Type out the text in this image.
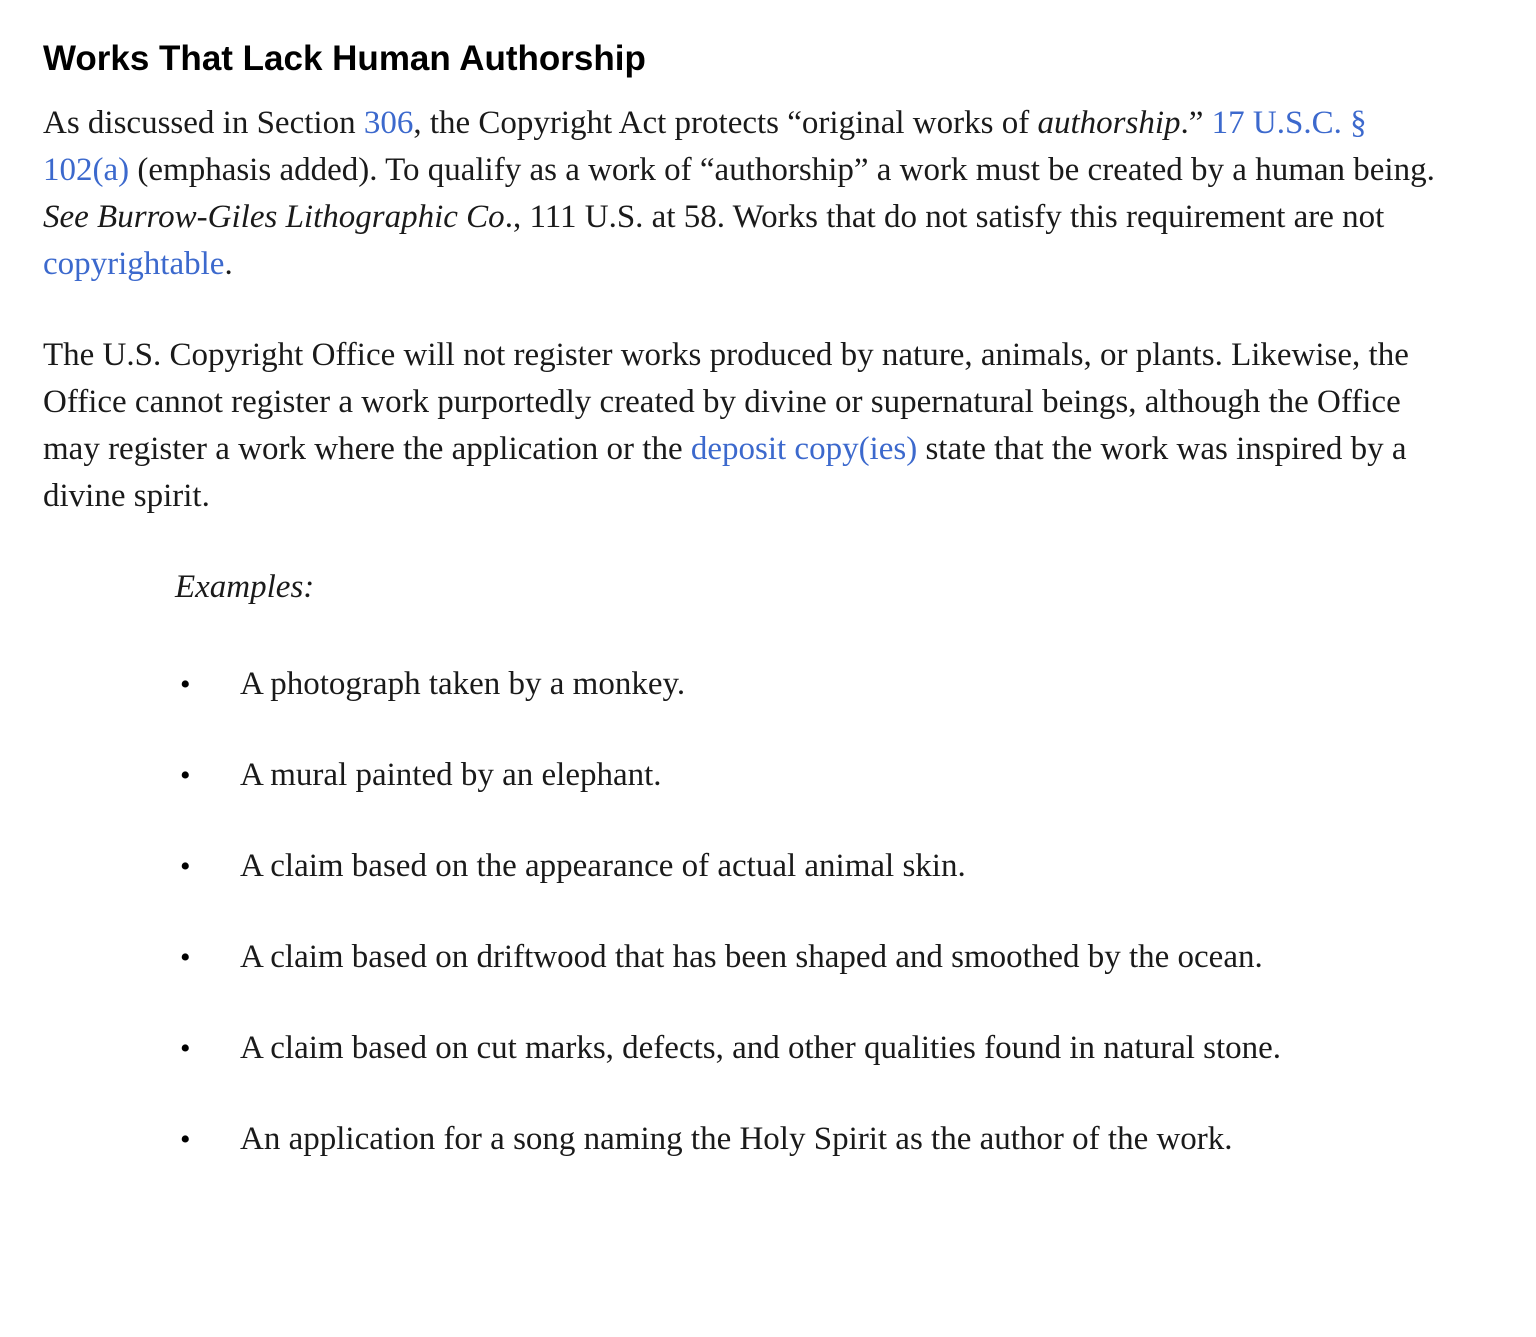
Works That Lack Human Authorship

As discussed in Section 306, the Copyright Act protects “original works of authorship.” 17 U.S.C. § 102(a) (emphasis added). To qualify as a work of “authorship” a work must be created by a human being. See Burrow-Giles Lithographic Co., 111 U.S. at 58. Works that do not satisfy this requirement are not copyrightable.

The U.S. Copyright Office will not register works produced by nature, animals, or plants. Likewise, the Office cannot register a work purportedly created by divine or supernatural beings, although the Office may register a work where the application or the deposit copy(ies) state that the work was inspired by a divine spirit.

Examples:

• A photograph taken by a monkey.
• A mural painted by an elephant.
• A claim based on the appearance of actual animal skin.
• A claim based on driftwood that has been shaped and smoothed by the ocean.
• A claim based on cut marks, defects, and other qualities found in natural stone.
• An application for a song naming the Holy Spirit as the author of the work.
